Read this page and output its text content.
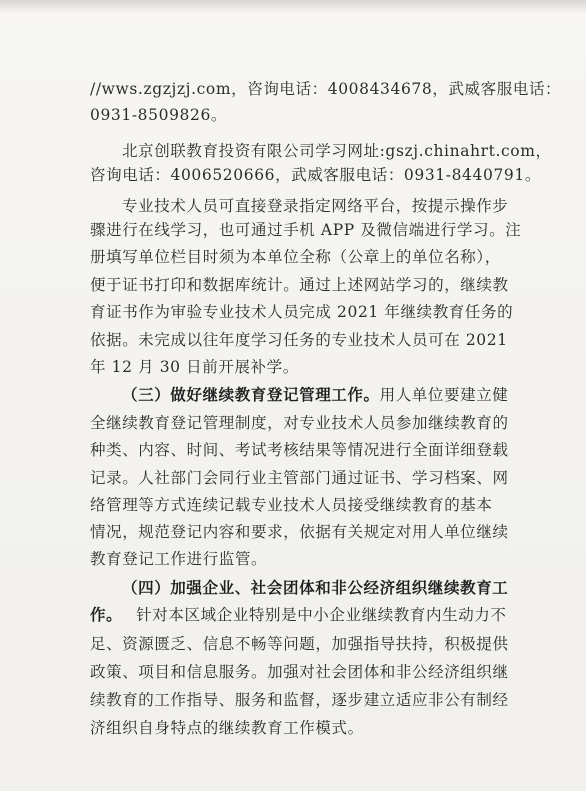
//wws.zgzjzj.com，咨询电话：4008434678，武威客服电话：
0931-8509826。
北京创联教育投资有限公司学习网址:gszj.chinahrt.com，
咨询电话：4006520666，武威客服电话：0931-8440791。
专业技术人员可直接登录指定网络平台，按提示操作步
骤进行在线学习，也可通过手机 APP 及微信端进行学习。注
册填写单位栏目时须为本单位全称（公章上的单位名称），
便于证书打印和数据库统计。通过上述网站学习的，继续教
育证书作为审验专业技术人员完成 2021 年继续教育任务的
依据。未完成以往年度学习任务的专业技术人员可在 2021
年 12 月 30 日前开展补学。
（三）做好继续教育登记管理工作。用人单位要建立健
全继续教育登记管理制度，对专业技术人员参加继续教育的
种类、内容、时间、考试考核结果等情况进行全面详细登载
记录。人社部门会同行业主管部门通过证书、学习档案、网
络管理等方式连续记载专业技术人员接受继续教育的基本
情况，规范登记内容和要求，依据有关规定对用人单位继续
教育登记工作进行监管。
（四）加强企业、社会团体和非公经济组织继续教育工
作。 针对本区域企业特别是中小企业继续教育内生动力不
足、资源匮乏、信息不畅等问题，加强指导扶持，积极提供
政策、项目和信息服务。加强对社会团体和非公经济组织继
续教育的工作指导、服务和监督，逐步建立适应非公有制经
济组织自身特点的继续教育工作模式。
